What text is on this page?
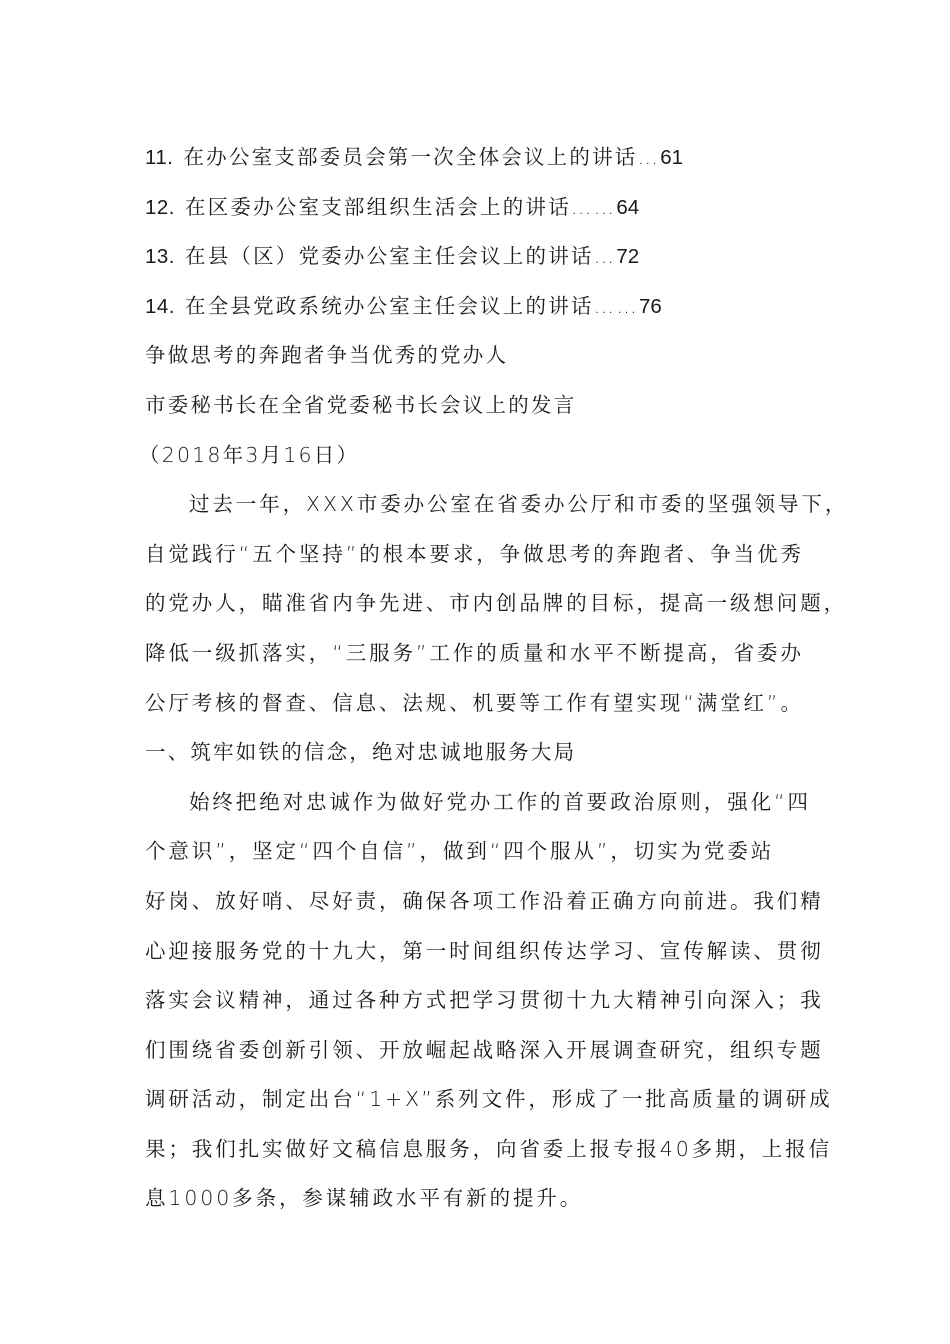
11. 在办公室支部委员会第一次全体会议上的讲话…61
12. 在区委办公室支部组织生活会上的讲话……64
13. 在县（区）党委办公室主任会议上的讲话…72
14. 在全县党政系统办公室主任会议上的讲话……76
争做思考的奔跑者争当优秀的党办人
市委秘书长在全省党委秘书长会议上的发言
（2018年3月16日）
过去一年，XXX市委办公室在省委办公厅和市委的坚强领导下，
自觉践行“五个坚持”的根本要求，争做思考的奔跑者、争当优秀
的党办人，瞄准省内争先进、市内创品牌的目标，提高一级想问题，
降低一级抓落实，“三服务”工作的质量和水平不断提高，省委办
公厅考核的督查、信息、法规、机要等工作有望实现“满堂红”。
一、筑牢如铁的信念，绝对忠诚地服务大局
始终把绝对忠诚作为做好党办工作的首要政治原则，强化“四
个意识”，坚定“四个自信”，做到“四个服从”，切实为党委站
好岗、放好哨、尽好责，确保各项工作沿着正确方向前进。我们精
心迎接服务党的十九大，第一时间组织传达学习、宣传解读、贯彻
落实会议精神，通过各种方式把学习贯彻十九大精神引向深入；我
们围绕省委创新引领、开放崛起战略深入开展调查研究，组织专题
调研活动，制定出台“1+X”系列文件，形成了一批高质量的调研成
果；我们扎实做好文稿信息服务，向省委上报专报40多期，上报信
息1000多条，参谋辅政水平有新的提升。
